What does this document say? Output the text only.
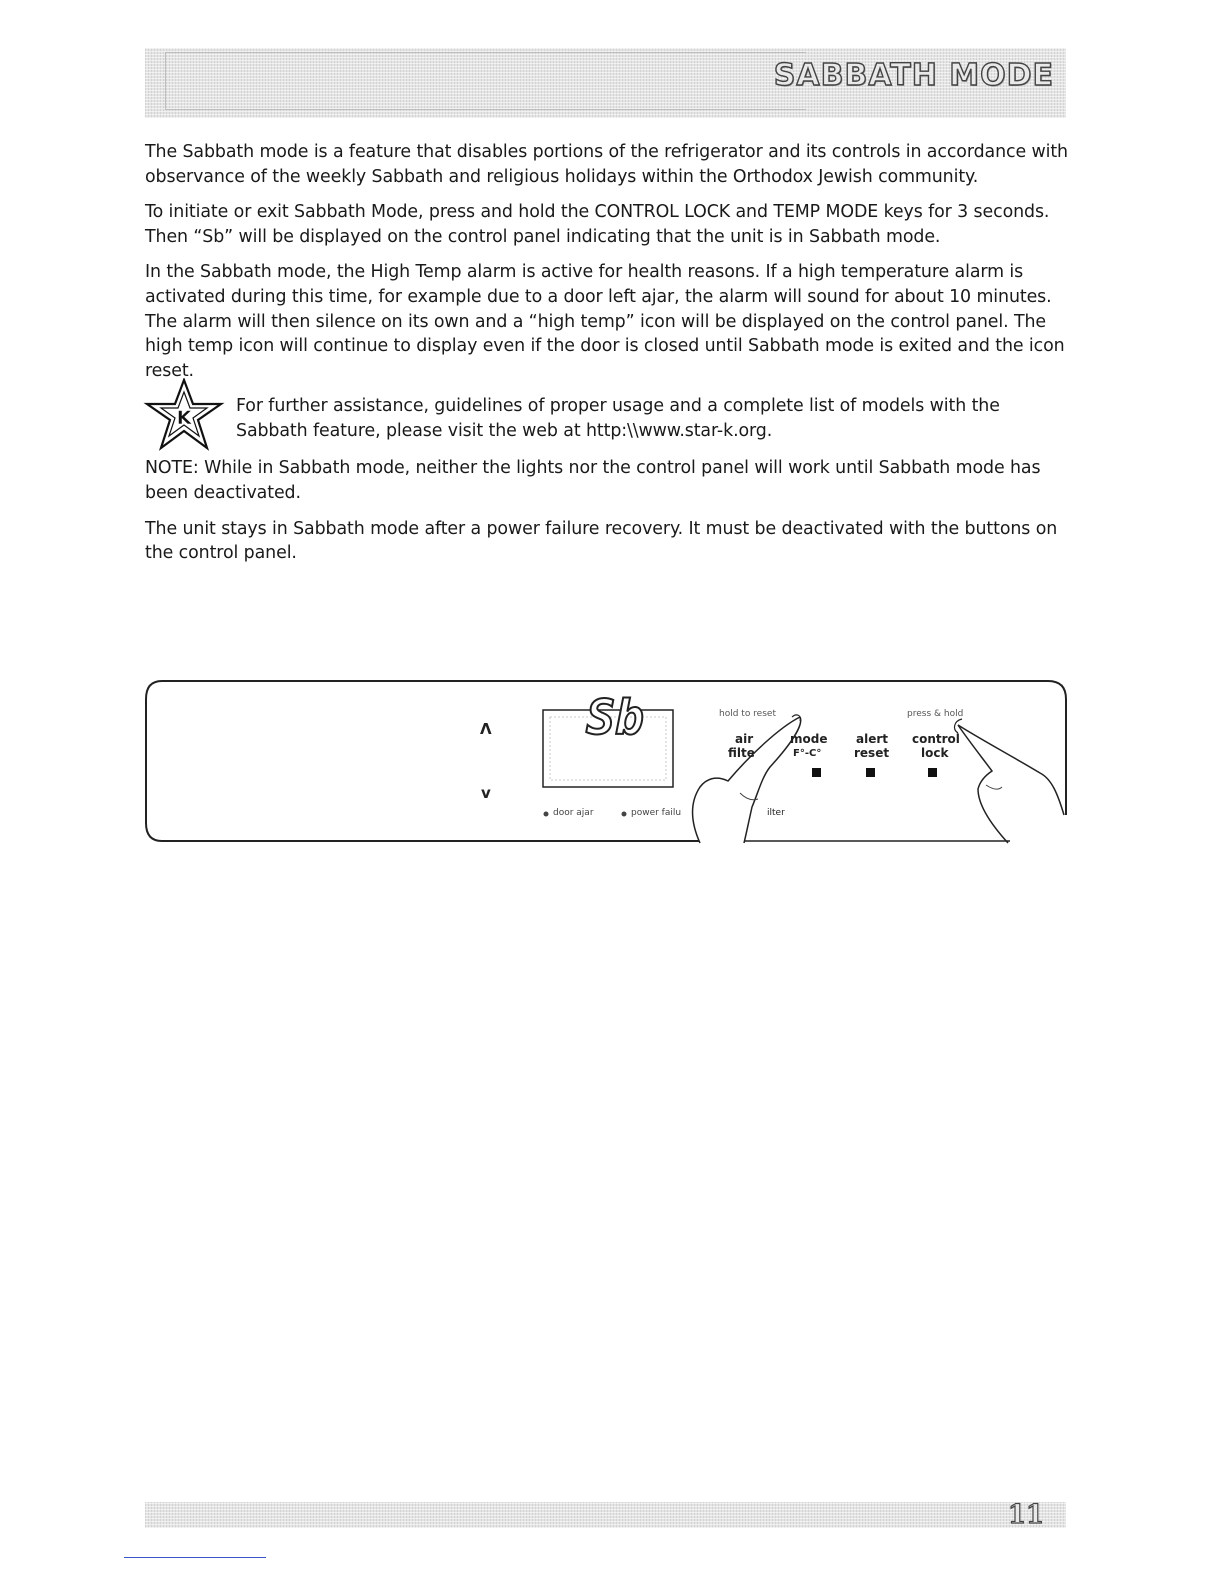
SABBATH MODE

The Sabbath mode is a feature that disables portions of the refrigerator and its controls in accordance with observance of the weekly Sabbath and religious holidays within the Orthodox Jewish community.

To initiate or exit Sabbath Mode, press and hold the CONTROL LOCK and TEMP MODE keys for 3 seconds. Then “Sb” will be displayed on the control panel indicating that the unit is in Sabbath mode.

In the Sabbath mode, the High Temp alarm is active for health reasons. If a high temperature alarm is activated during this time, for example due to a door left ajar, the alarm will sound for about 10 minutes. The alarm will then silence on its own and a “high temp” icon will be displayed on the control panel. The high temp icon will continue to display even if the door is closed until Sabbath mode is exited and the icon reset.

K
For further assistance, guidelines of proper usage and a complete list of models with the Sabbath feature, please visit the web at http:\\www.star-k.org.

NOTE: While in Sabbath mode, neither the lights nor the control panel will work until Sabbath mode has been deactivated.

The unit stays in Sabbath mode after a power failure recovery. It must be deactivated with the buttons on the control panel.

Sb
Λ
v
hold to reset	press & hold
air
filte
mode
F°-C°
alert
reset
control
lock
door ajar	power failu	ilter
11
